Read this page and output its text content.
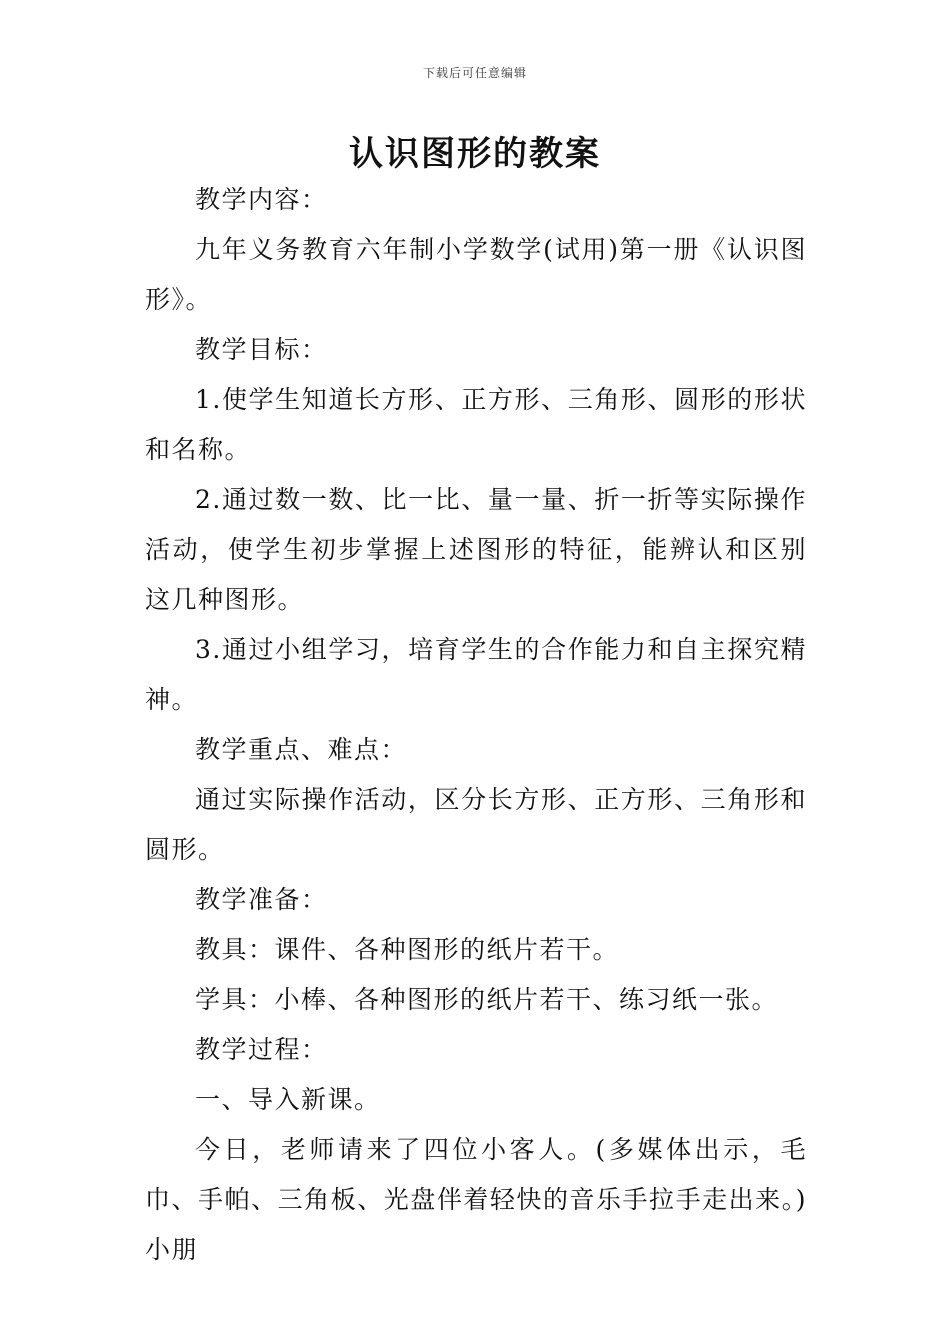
下载后可任意编辑
认识图形的教案

教学内容：

九年义务教育六年制小学数学(试用)第一册《认识图形》。

教学目标：

1.使学生知道长方形、正方形、三角形、圆形的形状和名称。

2.通过数一数、比一比、量一量、折一折等实际操作活动，使学生初步掌握上述图形的特征，能辨认和区别这几种图形。

3.通过小组学习，培育学生的合作能力和自主探究精神。

教学重点、难点：

通过实际操作活动，区分长方形、正方形、三角形和圆形。

教学准备：

教具：课件、各种图形的纸片若干。

学具：小棒、各种图形的纸片若干、练习纸一张。

教学过程：

一、导入新课。

今日，老师请来了四位小客人。(多媒体出示，毛巾、手帕、三角板、光盘伴着轻快的音乐手拉手走出来。)小朋
